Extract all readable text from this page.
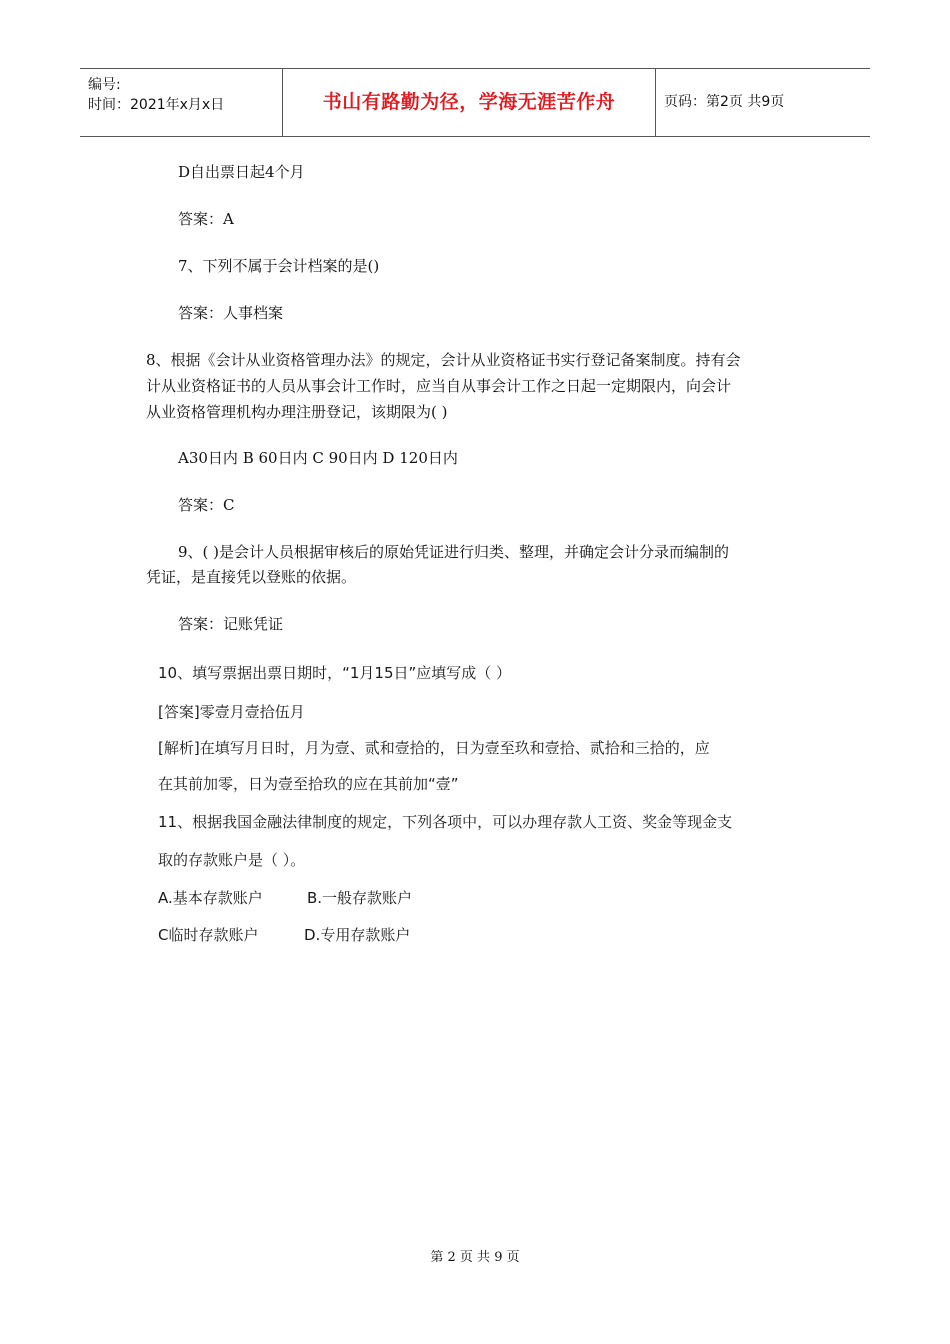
编号:
时间：2021年x月x日	书山有路勤为径，学海无涯苦作舟	页码：第2页 共9页
D自出票日起4个月
答案：A
7、下列不属于会计档案的是()
答案：人事档案
8、根据《会计从业资格管理办法》的规定，会计从业资格证书实行登记备案制度。持有会
计从业资格证书的人员从事会计工作时，应当自从事会计工作之日起一定期限内，向会计
从业资格管理机构办理注册登记，该期限为( )
A30日内 B 60日内 C 90日内 D 120日内
答案：C
9、( )是会计人员根据审核后的原始凭证进行归类、整理，并确定会计分录而编制的
凭证，是直接凭以登账的依据。
答案：记账凭证
10、填写票据出票日期时，“1月15日”应填写成（ ）
[答案]零壹月壹拾伍月
[解析]在填写月日时，月为壹、贰和壹拾的，日为壹至玖和壹拾、贰拾和三拾的，应
在其前加零，日为壹至拾玖的应在其前加“壹”
11、根据我国金融法律制度的规定，下列各项中，可以办理存款人工资、奖金等现金支
取的存款账户是（ ）。
A.基本存款账户	B.一般存款账户
C临时存款账户	D.专用存款账户
第 2 页 共 9 页
